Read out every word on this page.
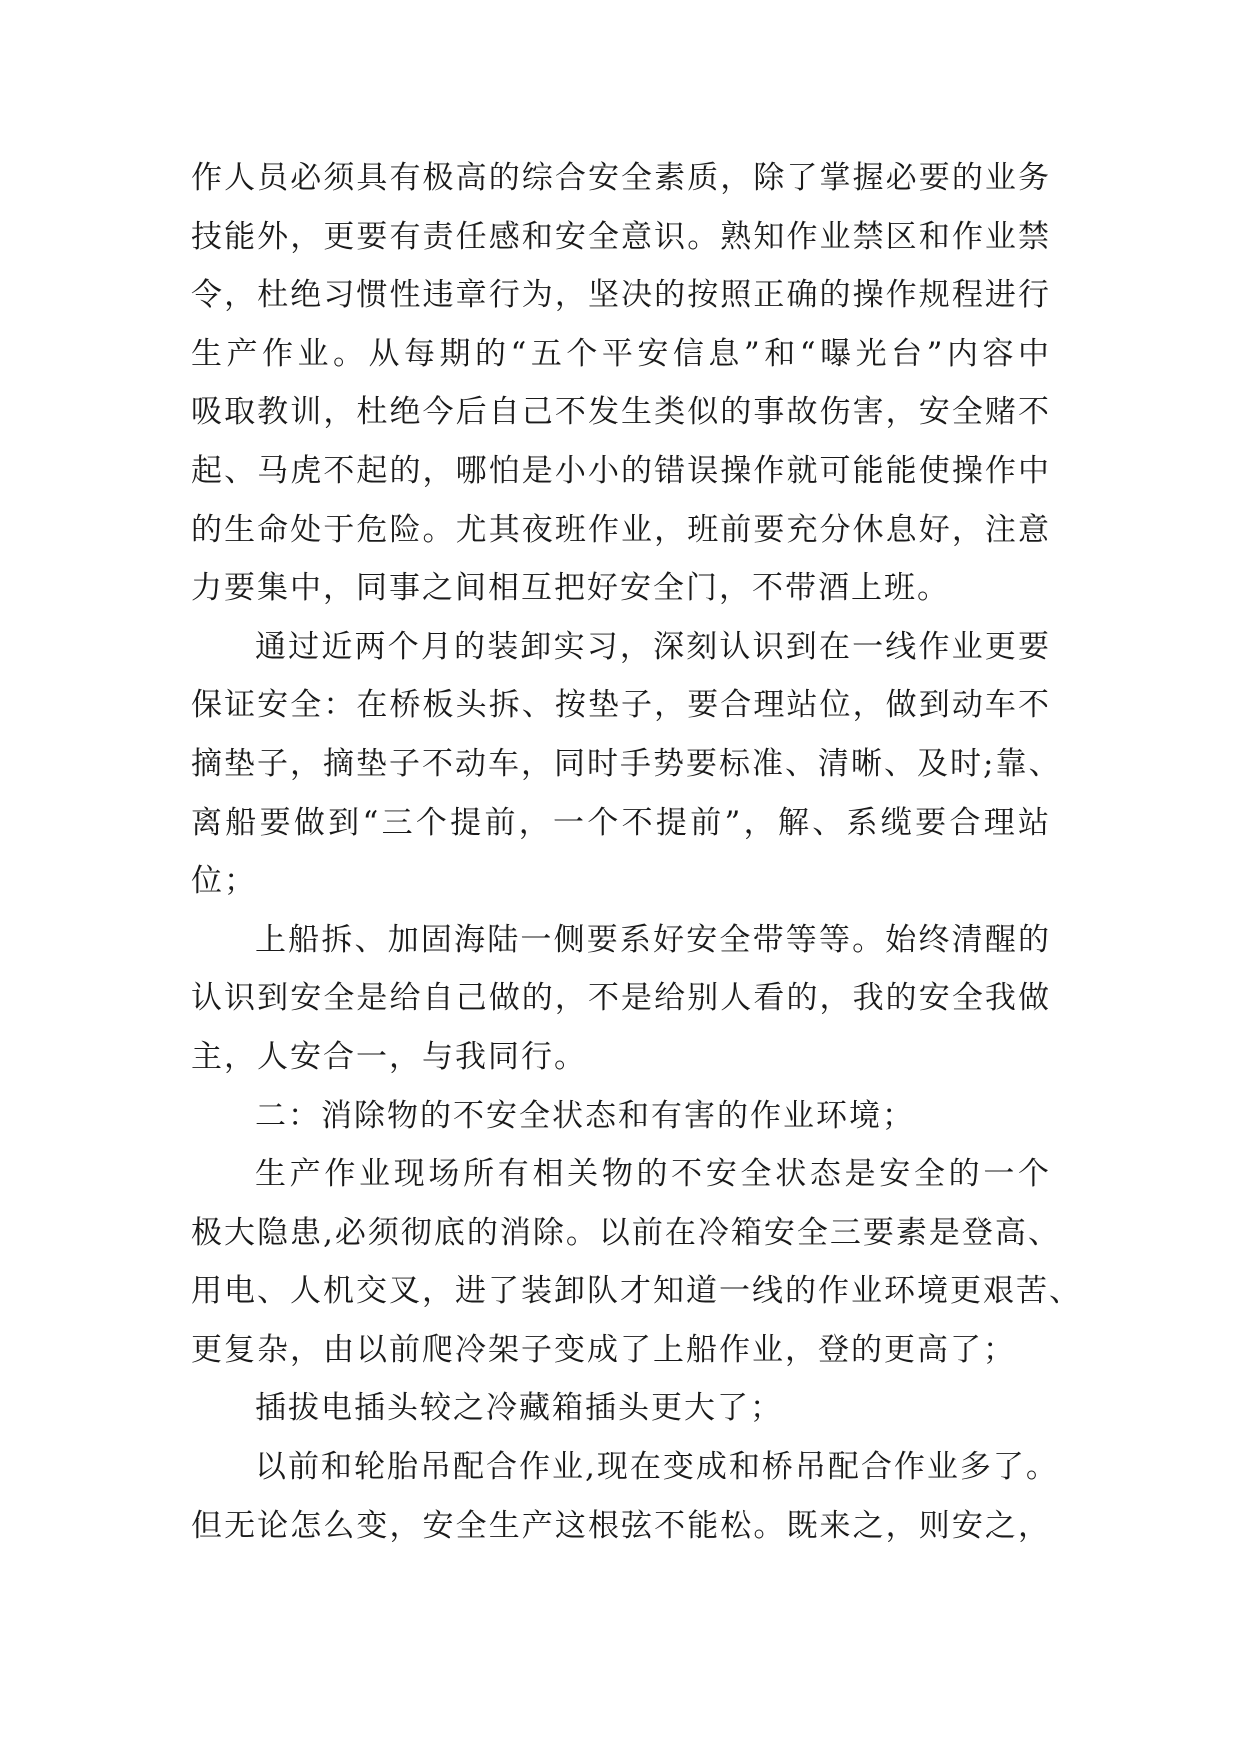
作人员必须具有极高的综合安全素质，除了掌握必要的业务
技能外，更要有责任感和安全意识。熟知作业禁区和作业禁
令，杜绝习惯性违章行为，坚决的按照正确的操作规程进行
生产作业。从每期的“五个平安信息”和“曝光台”内容中
吸取教训，杜绝今后自己不发生类似的事故伤害，安全赌不
起、马虎不起的，哪怕是小小的错误操作就可能能使操作中
的生命处于危险。尤其夜班作业，班前要充分休息好，注意
力要集中，同事之间相互把好安全门，不带酒上班。
通过近两个月的装卸实习，深刻认识到在一线作业更要
保证安全：在桥板头拆、按垫子，要合理站位，做到动车不
摘垫子，摘垫子不动车，同时手势要标准、清晰、及时;靠、
离船要做到“三个提前，一个不提前”，解、系缆要合理站
位；
上船拆、加固海陆一侧要系好安全带等等。始终清醒的
认识到安全是给自己做的，不是给别人看的，我的安全我做
主，人安合一，与我同行。
二：消除物的不安全状态和有害的作业环境；
生产作业现场所有相关物的不安全状态是安全的一个
极大隐患,必须彻底的消除。以前在冷箱安全三要素是登高、
用电、人机交叉，进了装卸队才知道一线的作业环境更艰苦、
更复杂，由以前爬冷架子变成了上船作业，登的更高了；
插拔电插头较之冷藏箱插头更大了；
以前和轮胎吊配合作业,现在变成和桥吊配合作业多了。
但无论怎么变，安全生产这根弦不能松。既来之，则安之，
